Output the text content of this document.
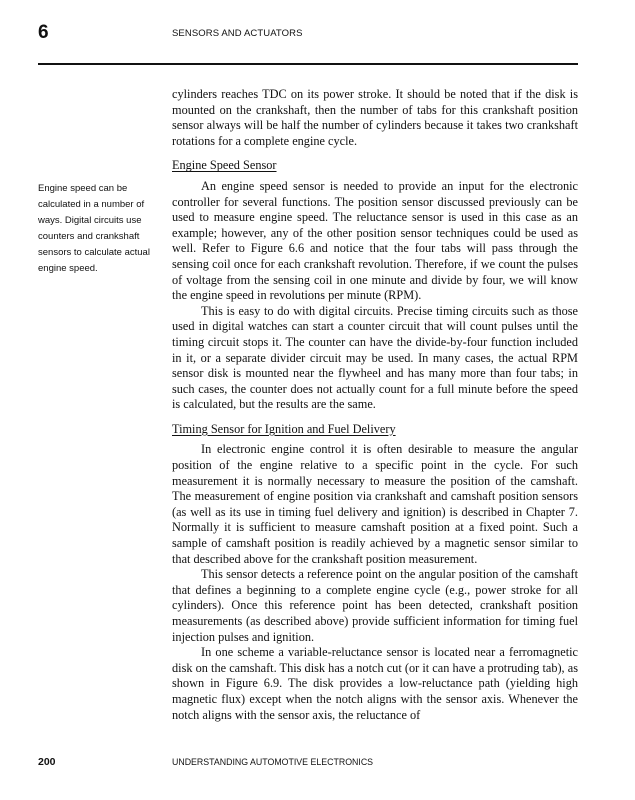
6	SENSORS AND ACTUATORS
Engine speed can be calculated in a number of ways. Digital circuits use counters and crankshaft sensors to calculate actual engine speed.

cylinders reaches TDC on its power stroke. It should be noted that if the disk is mounted on the crankshaft, then the number of tabs for this crankshaft position sensor always will be half the number of cylinders because it takes two crankshaft rotations for a complete engine cycle.

Engine Speed Sensor

An engine speed sensor is needed to provide an input for the electronic controller for several functions. The position sensor discussed previously can be used to measure engine speed. The reluctance sensor is used in this case as an example; however, any of the other position sensor techniques could be used as well. Refer to Figure 6.6 and notice that the four tabs will pass through the sensing coil once for each crankshaft revolution. Therefore, if we count the pulses of voltage from the sensing coil in one minute and divide by four, we will know the engine speed in revolutions per minute (RPM).

This is easy to do with digital circuits. Precise timing circuits such as those used in digital watches can start a counter circuit that will count pulses until the timing circuit stops it. The counter can have the divide-by-four function included in it, or a separate divider circuit may be used. In many cases, the actual RPM sensor disk is mounted near the flywheel and has many more than four tabs; in such cases, the counter does not actually count for a full minute before the speed is calculated, but the results are the same.

Timing Sensor for Ignition and Fuel Delivery

In electronic engine control it is often desirable to measure the angular position of the engine relative to a specific point in the cycle. For such measurement it is normally necessary to measure the position of the camshaft. The measurement of engine position via crankshaft and camshaft position sensors (as well as its use in timing fuel delivery and ignition) is described in Chapter 7. Normally it is sufficient to measure camshaft position at a fixed point. Such a sample of camshaft position is readily achieved by a magnetic sensor similar to that described above for the crankshaft position measurement.

This sensor detects a reference point on the angular position of the camshaft that defines a beginning to a complete engine cycle (e.g., power stroke for all cylinders). Once this reference point has been detected, crankshaft position measurements (as described above) provide sufficient information for timing fuel injection pulses and ignition.

In one scheme a variable-reluctance sensor is located near a ferromagnetic disk on the camshaft. This disk has a notch cut (or it can have a protruding tab), as shown in Figure 6.9. The disk provides a low-reluctance path (yielding high magnetic flux) except when the notch aligns with the sensor axis. Whenever the notch aligns with the sensor axis, the reluctance of

200	UNDERSTANDING AUTOMOTIVE ELECTRONICS
